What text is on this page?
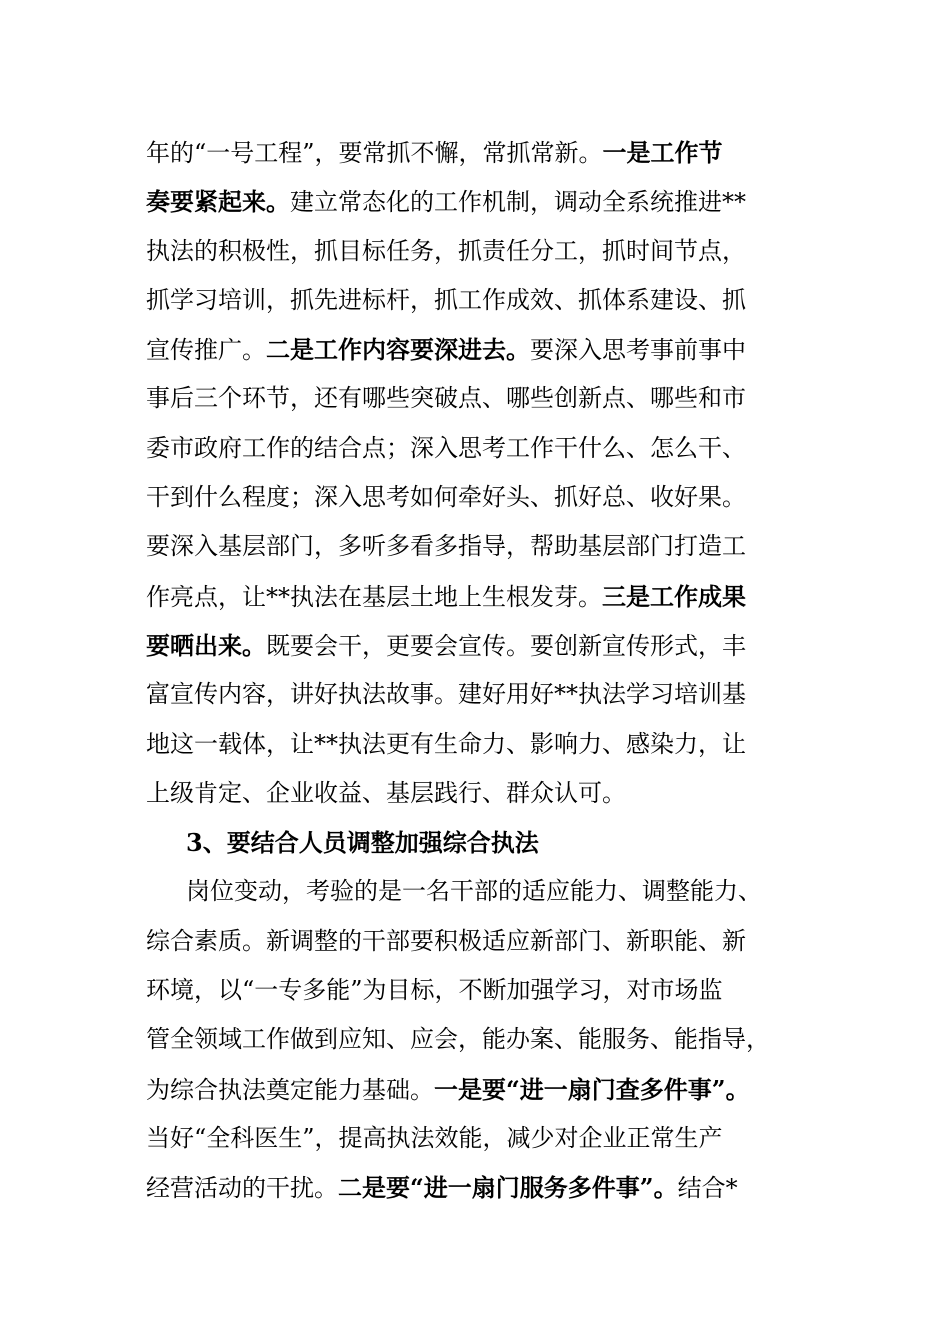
年的“一号工程”，要常抓不懈，常抓常新。一是工作节
奏要紧起来。建立常态化的工作机制，调动全系统推进**
执法的积极性，抓目标任务，抓责任分工，抓时间节点，
抓学习培训，抓先进标杆，抓工作成效、抓体系建设、抓
宣传推广。二是工作内容要深进去。要深入思考事前事中
事后三个环节，还有哪些突破点、哪些创新点、哪些和市
委市政府工作的结合点；深入思考工作干什么、怎么干、
干到什么程度；深入思考如何牵好头、抓好总、收好果。
要深入基层部门，多听多看多指导，帮助基层部门打造工
作亮点，让**执法在基层土地上生根发芽。三是工作成果
要晒出来。既要会干，更要会宣传。要创新宣传形式，丰
富宣传内容，讲好执法故事。建好用好**执法学习培训基
地这一载体，让**执法更有生命力、影响力、感染力，让
上级肯定、企业收益、基层践行、群众认可。
3、要结合人员调整加强综合执法
岗位变动，考验的是一名干部的适应能力、调整能力、
综合素质。新调整的干部要积极适应新部门、新职能、新
环境，以“一专多能”为目标，不断加强学习，对市场监
管全领域工作做到应知、应会，能办案、能服务、能指导，
为综合执法奠定能力基础。一是要“进一扇门查多件事”。
当好“全科医生”，提高执法效能，减少对企业正常生产
经营活动的干扰。二是要“进一扇门服务多件事”。结合*
